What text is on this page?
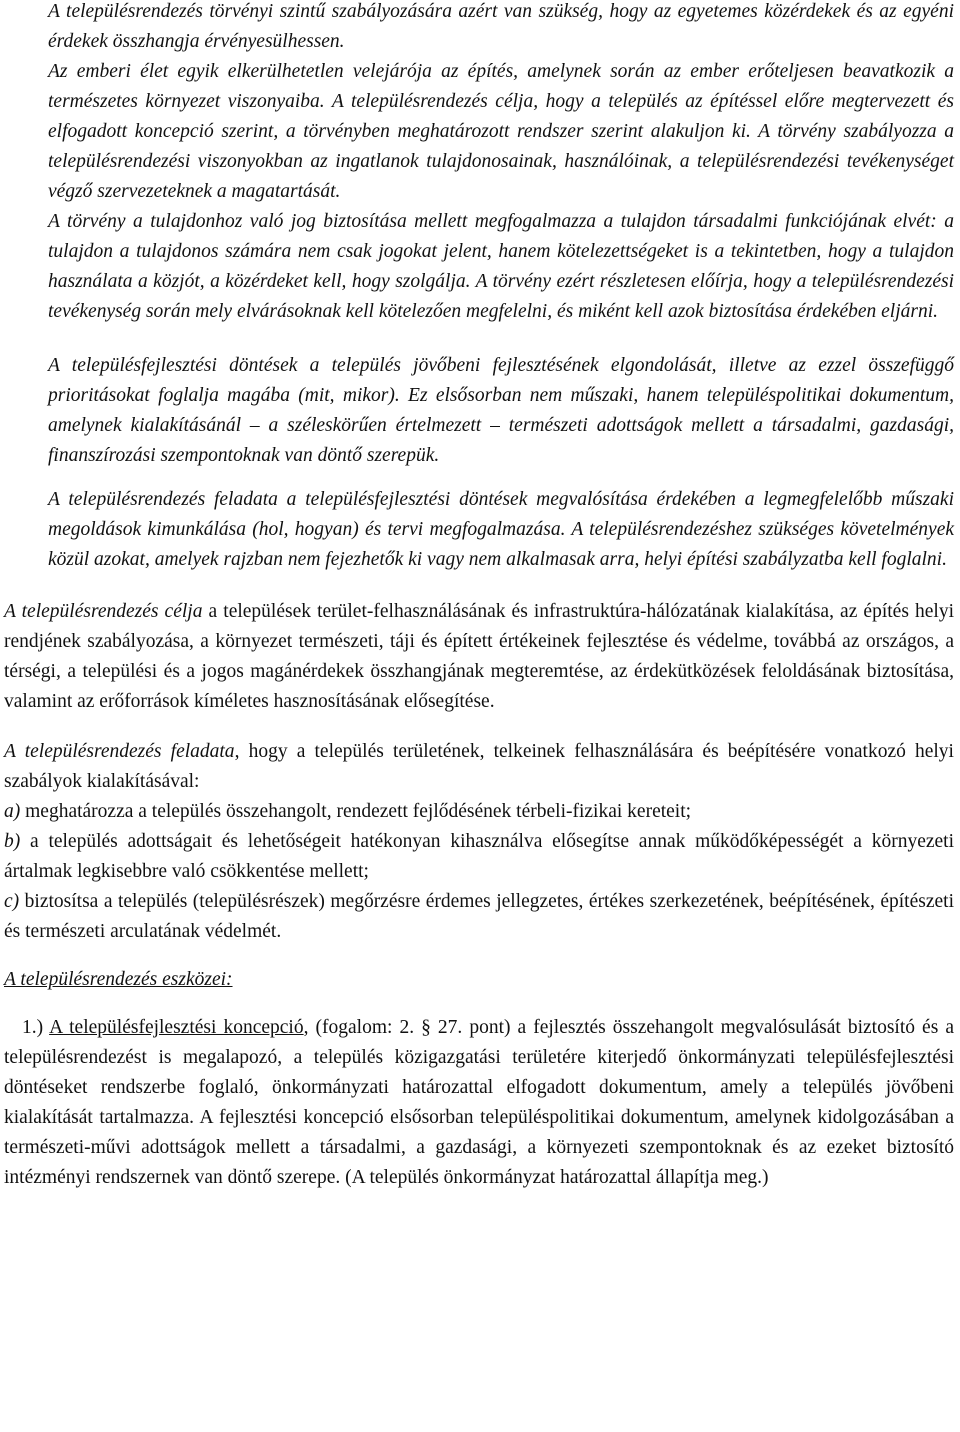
A településrendezés törvényi szintű szabályozására azért van szükség, hogy az egyetemes közérdekek és az egyéni érdekek összhangja érvényesülhessen.

Az emberi élet egyik elkerülhetetlen velejárója az építés, amelynek során az ember erőteljesen beavatkozik a természetes környezet viszonyaiba. A településrendezés célja, hogy a település az építéssel előre megtervezett és elfogadott koncepció szerint, a törvényben meghatározott rendszer szerint alakuljon ki. A törvény szabályozza a településrendezési viszonyokban az ingatlanok tulajdonosainak, használóinak, a településrendezési tevékenységet végző szervezeteknek a magatartását.

A törvény a tulajdonhoz való jog biztosítása mellett megfogalmazza a tulajdon társadalmi funkciójának elvét: a tulajdon a tulajdonos számára nem csak jogokat jelent, hanem kötelezettségeket is a tekintetben, hogy a tulajdon használata a közjót, a közérdeket kell, hogy szolgálja. A törvény ezért részletesen előírja, hogy a településrendezési tevékenység során mely elvárásoknak kell kötelezően megfelelni, és miként kell azok biztosítása érdekében eljárni.

A településfejlesztési döntések a település jövőbeni fejlesztésének elgondolását, illetve az ezzel összefüggő prioritásokat foglalja magába (mit, mikor). Ez elsősorban nem műszaki, hanem településpolitikai dokumentum, amelynek kialakításánál – a széleskörűen értelmezett – természeti adottságok mellett a társadalmi, gazdasági, finanszírozási szempontoknak van döntő szerepük.

A településrendezés feladata a településfejlesztési döntések megvalósítása érdekében a legmegfelelőbb műszaki megoldások kimunkálása (hol, hogyan) és tervi megfogalmazása. A településrendezéshez szükséges követelmények közül azokat, amelyek rajzban nem fejezhetők ki vagy nem alkalmasak arra, helyi építési szabályzatba kell foglalni.

A településrendezés célja a települések terület-felhasználásának és infrastruktúra-hálózatának kialakítása, az építés helyi rendjének szabályozása, a környezet természeti, táji és épített értékeinek fejlesztése és védelme, továbbá az országos, a térségi, a települési és a jogos magánérdekek összhangjának megteremtése, az érdekütközések feloldásának biztosítása, valamint az erőforrások kíméletes hasznosításának elősegítése.

A településrendezés feladata, hogy a település területének, telkeinek felhasználására és beépítésére vonatkozó helyi szabályok kialakításával:

a) meghatározza a település összehangolt, rendezett fejlődésének térbeli-fizikai kereteit;

b) a település adottságait és lehetőségeit hatékonyan kihasználva elősegítse annak működőképességét a környezeti ártalmak legkisebbre való csökkentése mellett;

c) biztosítsa a település (településrészek) megőrzésre érdemes jellegzetes, értékes szerkezetének, beépítésének, építészeti és természeti arculatának védelmét.

A településrendezés eszközei:

1.) A településfejlesztési koncepció, (fogalom: 2. § 27. pont) a fejlesztés összehangolt megvalósulását biztosító és a településrendezést is megalapozó, a település közigazgatási területére kiterjedő önkormányzati településfejlesztési döntéseket rendszerbe foglaló, önkormányzati határozattal elfogadott dokumentum, amely a település jövőbeni kialakítását tartalmazza. A fejlesztési koncepció elsősorban településpolitikai dokumentum, amelynek kidolgozásában a természeti-művi adottságok mellett a társadalmi, a gazdasági, a környezeti szempontoknak és az ezeket biztosító intézményi rendszernek van döntő szerepe. (A település önkormányzat határozattal állapítja meg.)
